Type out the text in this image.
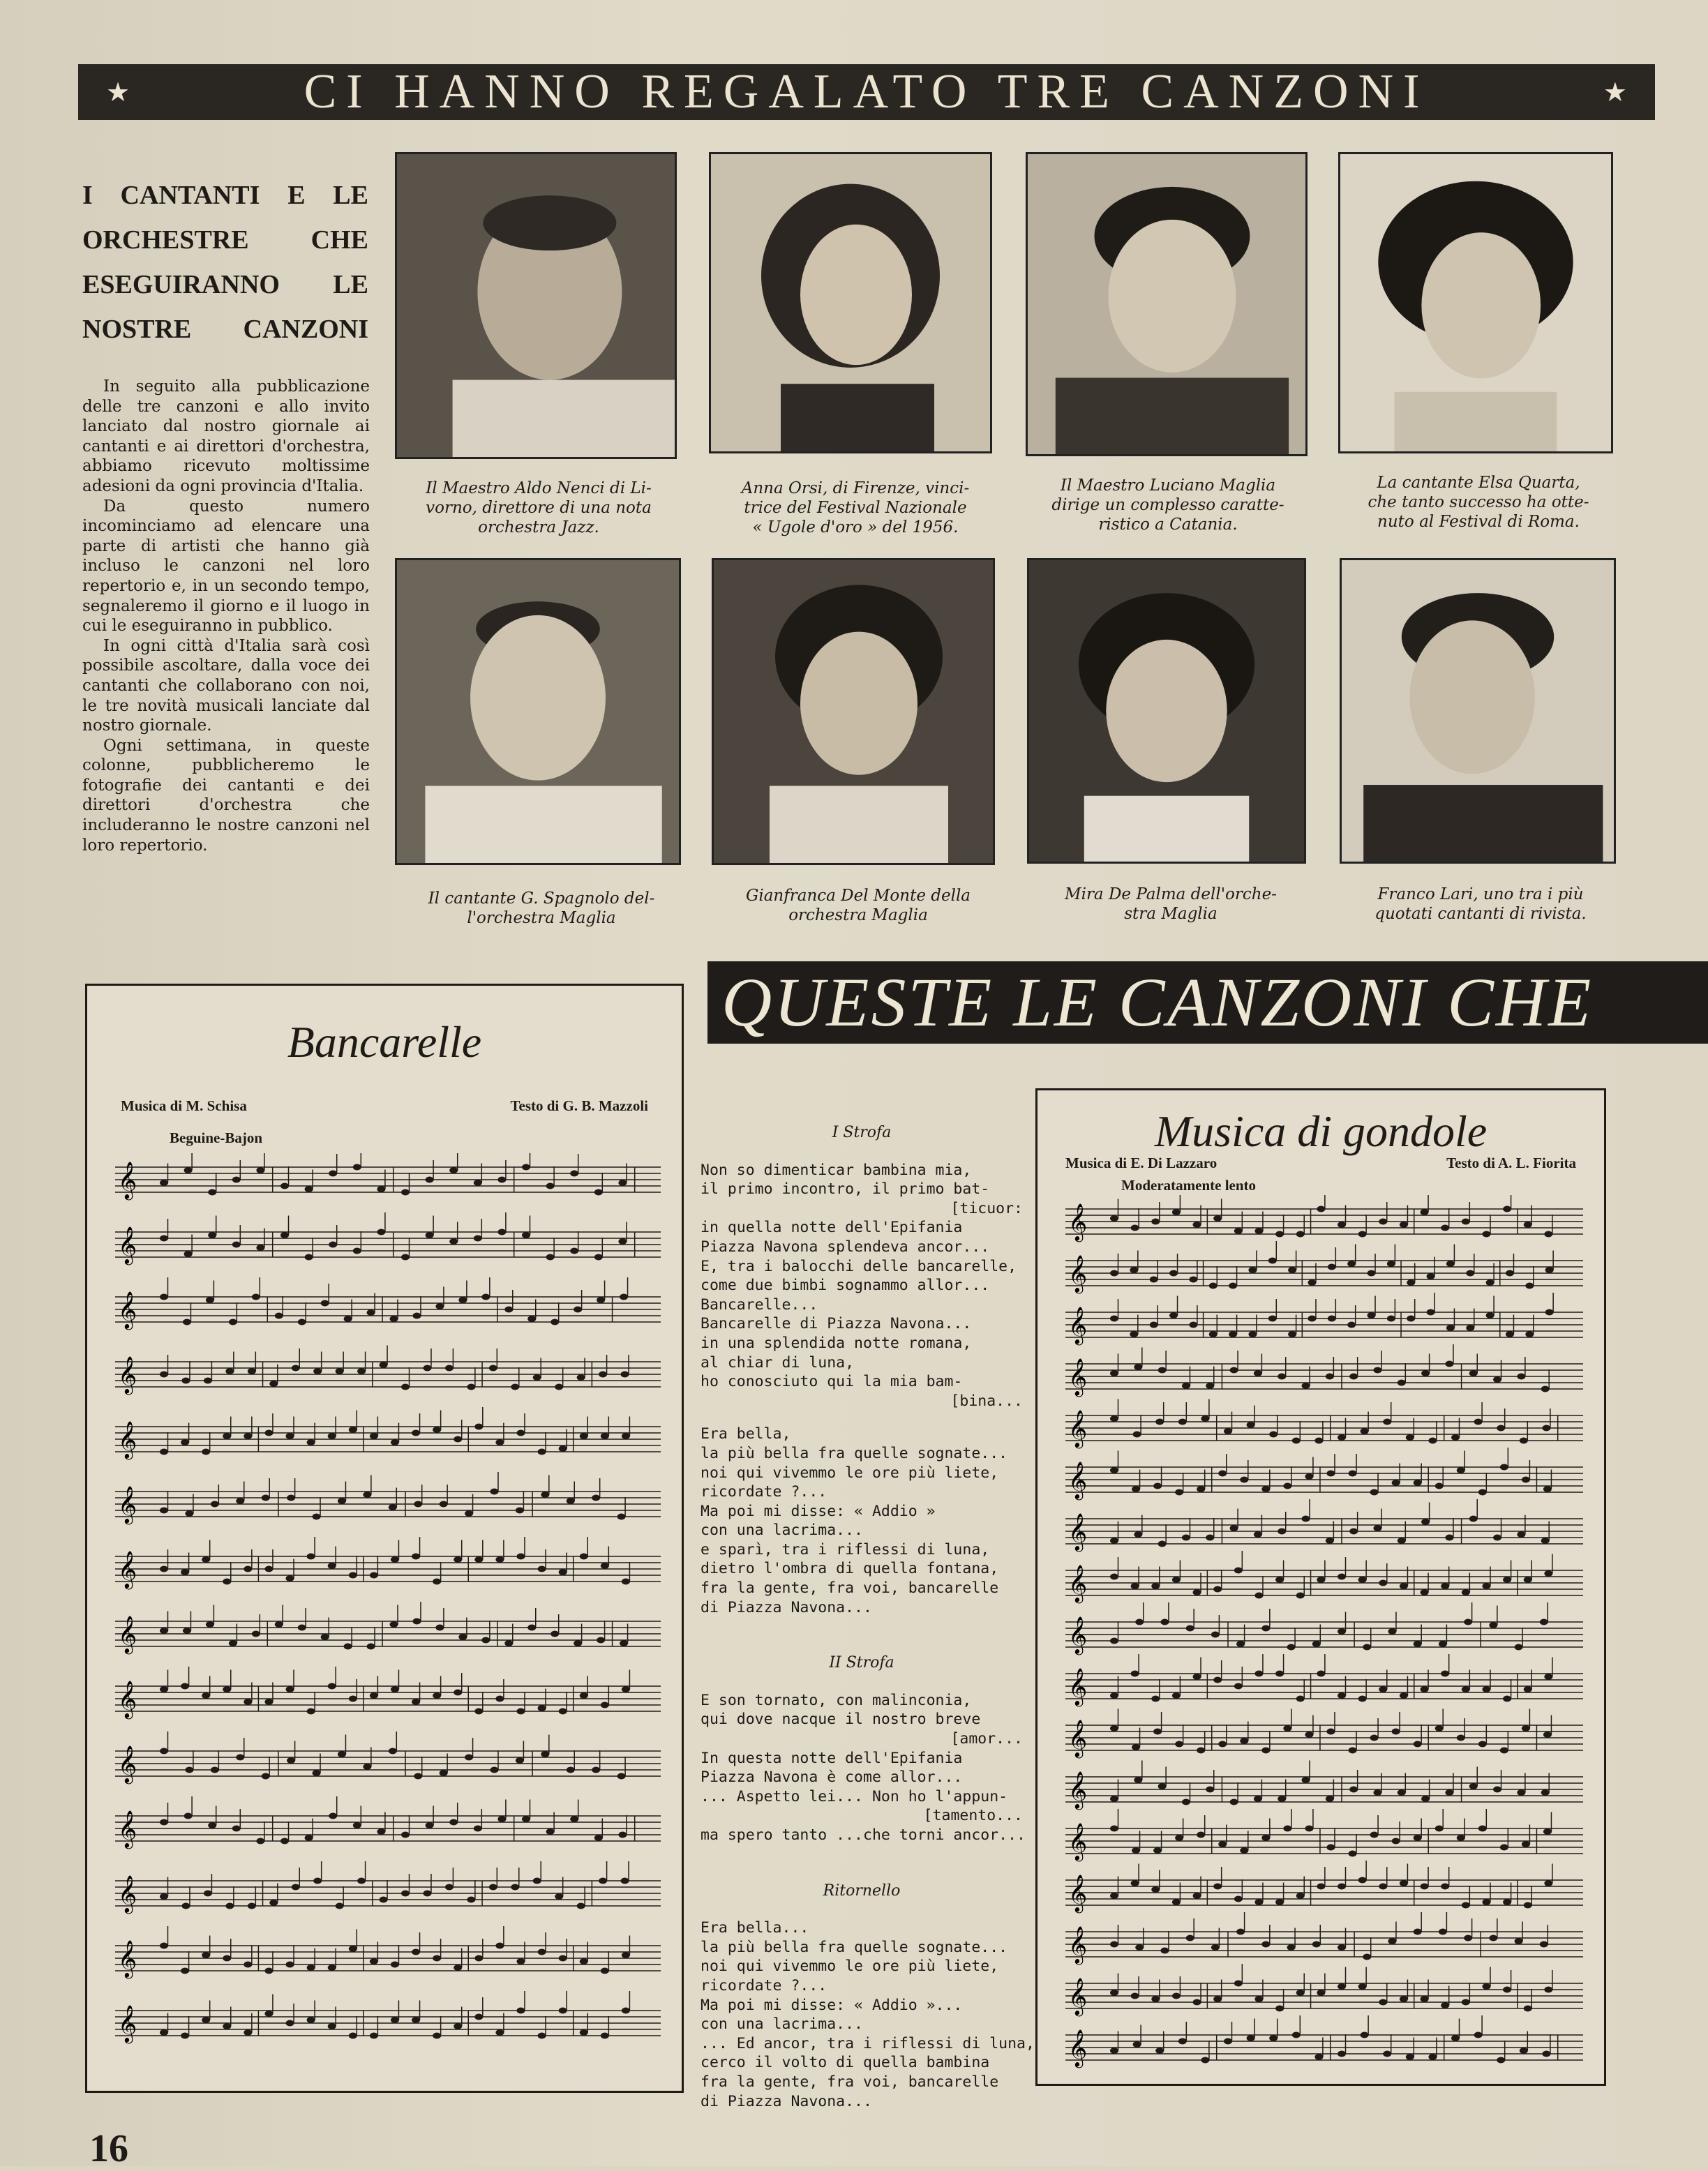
★	CI HANNO REGALATO TRE CANZONI	★
I CANTANTI E LE
ORCHESTRE CHE
ESEGUIRANNO LE
NOSTRE CANZONI

In seguito alla pubblicazione delle tre canzoni e allo invito lanciato dal nostro giornale ai cantanti e ai direttori d'orchestra, abbiamo ricevuto moltissime adesioni da ogni provincia d'Italia.

Da questo numero incominciamo ad elencare una parte di artisti che hanno già incluso le canzoni nel loro repertorio e, in un secondo tempo, segnaleremo il giorno e il luogo in cui le eseguiranno in pubblico.

In ogni città d'Italia sarà così possibile ascoltare, dalla voce dei cantanti che collaborano con noi, le tre novità musicali lanciate dal nostro giornale.

Ogni settimana, in queste colonne, pubblicheremo le fotografie dei cantanti e dei direttori d'orchestra che includeranno le nostre canzoni nel loro repertorio.

Il Maestro Aldo Nenci di Li-
vorno, direttore di una nota
orchestra Jazz.
Anna Orsi, di Firenze, vinci-
trice del Festival Nazionale
« Ugole d'oro » del 1956.
Il Maestro Luciano Maglia
dirige un complesso caratte-
ristico a Catania.
La cantante Elsa Quarta,
che tanto successo ha otte-
nuto al Festival di Roma.
Il cantante G. Spagnolo del-
l'orchestra Maglia
Gianfranca Del Monte della
orchestra Maglia
Mira De Palma dell'orche-
stra Maglia
Franco Lari, uno tra i più
quotati cantanti di rivista.
QUESTE LE CANZONI CHE
Bancarelle
Musica di M. Schisa	Testo di G. B. Mazzoli
Beguine-Bajon
𝄞
𝄞
𝄞
𝄞
𝄞
𝄞
𝄞
𝄞
𝄞
𝄞
𝄞
𝄞
𝄞
𝄞
I Strofa
Non so dimenticar bambina mia,
il primo incontro, il primo bat-
[ticuor:
in quella notte dell'Epifania
Piazza Navona splendeva ancor...
E, tra i balocchi delle bancarelle,
come due bimbi sognammo allor...
Bancarelle...
Bancarelle di Piazza Navona...
in una splendida notte romana,
al chiar di luna,
ho conosciuto qui la mia bam-
[bina...
Era bella,
la più bella fra quelle sognate...
noi qui vivemmo le ore più liete,
ricordate ?...
Ma poi mi disse: « Addio »
con una lacrima...
e sparì, tra i riflessi di luna,
dietro l'ombra di quella fontana,
fra la gente, fra voi, bancarelle
di Piazza Navona...
II Strofa
E son tornato, con malinconia,
qui dove nacque il nostro breve
[amor...
In questa notte dell'Epifania
Piazza Navona è come allor...
... Aspetto lei... Non ho l'appun-
[tamento...
ma spero tanto ...che torni ancor...
Ritornello
Era bella...
la più bella fra quelle sognate...
noi qui vivemmo le ore più liete,
ricordate ?...
Ma poi mi disse: « Addio »...
con una lacrima...
... Ed ancor, tra i riflessi di luna,
cerco il volto di quella bambina
fra la gente, fra voi, bancarelle
di Piazza Navona...
Musica di gondole
Musica di E. Di Lazzaro	Testo di A. L. Fiorita
Moderatamente lento
𝄞
𝄞
𝄞
𝄞
𝄞
𝄞
𝄞
𝄞
𝄞
𝄞
𝄞
𝄞
𝄞
𝄞
𝄞
𝄞
𝄞
16
